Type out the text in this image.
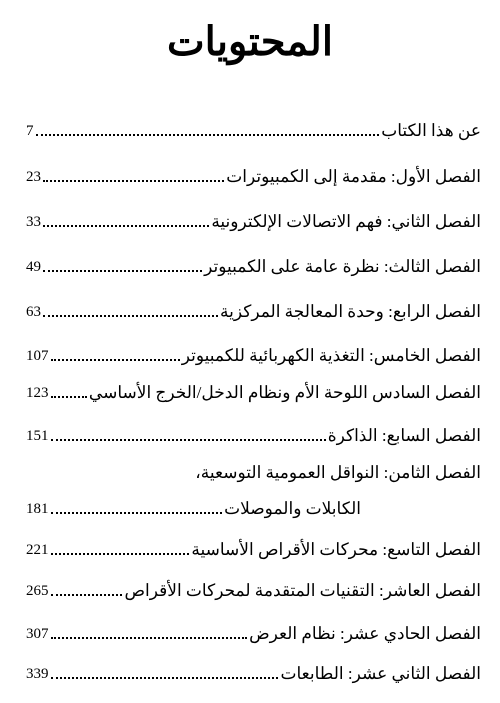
المحتويات
عن هذا الكتاب
7
الفصل الأول: مقدمة إلى الكمبيوترات
23
الفصل الثاني: فهم الاتصالات الإلكترونية
33
الفصل الثالث: نظرة عامة على الكمبيوتر
49
الفصل الرابع: وحدة المعالجة المركزية
63
الفصل الخامس: التغذية الكهربائية للكمبيوتر
107
الفصل السادس اللوحة الأم ونظام الدخل/الخرج الأساسي
123
الفصل السابع: الذاكرة
151
الفصل الثامن: النواقل العمومية التوسعية،
الكابلات والموصلات
181
الفصل التاسع: محركات الأقراص الأساسية
221
الفصل العاشر: التقنيات المتقدمة لمحركات الأقراص
265
الفصل الحادي عشر: نظام العرض
307
الفصل الثاني عشر: الطابعات
339
